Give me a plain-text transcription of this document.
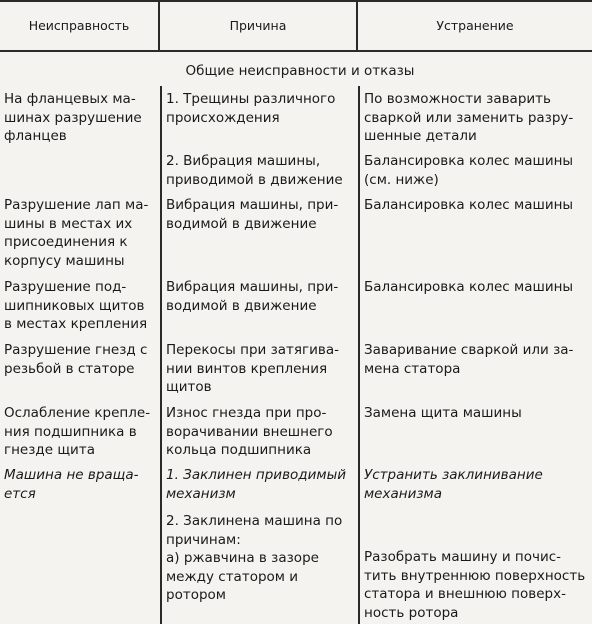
Неисправность	Причина	Устранение
Общие неисправности и отказы
На фланцевых ма-
шинах разрушение
фланцев
1. Трещины различного
происхождения
По возможности заварить
сваркой или заменить разру-
шенные детали
2. Вибрация машины,
приводимой в движение
Балансировка колес машины
(см. ниже)
Разрушение лап ма-
шины в местах их
присоединения к
корпусу машины
Вибрация машины, при-
водимой в движение
Балансировка колес машины
Разрушение под-
шипниковых щитов
в местах крепления
Вибрация машины, при-
водимой в движение
Балансировка колес машины
Разрушение гнезд с
резьбой в статоре
Перекосы при затягива-
нии винтов крепления
щитов
Заваривание сваркой или за-
мена статора
Ослабление крепле-
ния подшипника в
гнезде щита
Износ гнезда при про-
ворачивании внешнего
кольца подшипника
Замена щита машины
Машина не враща-
ется
1. Заклинен приводимый
механизм
Устранить заклинивание
механизма
2. Заклинена машина по
причинам:
а) ржавчина в зазоре
между статором и
ротором
Разобрать машину и почис-
тить внутреннюю поверхность
статора и внешнюю поверх-
ность ротора
